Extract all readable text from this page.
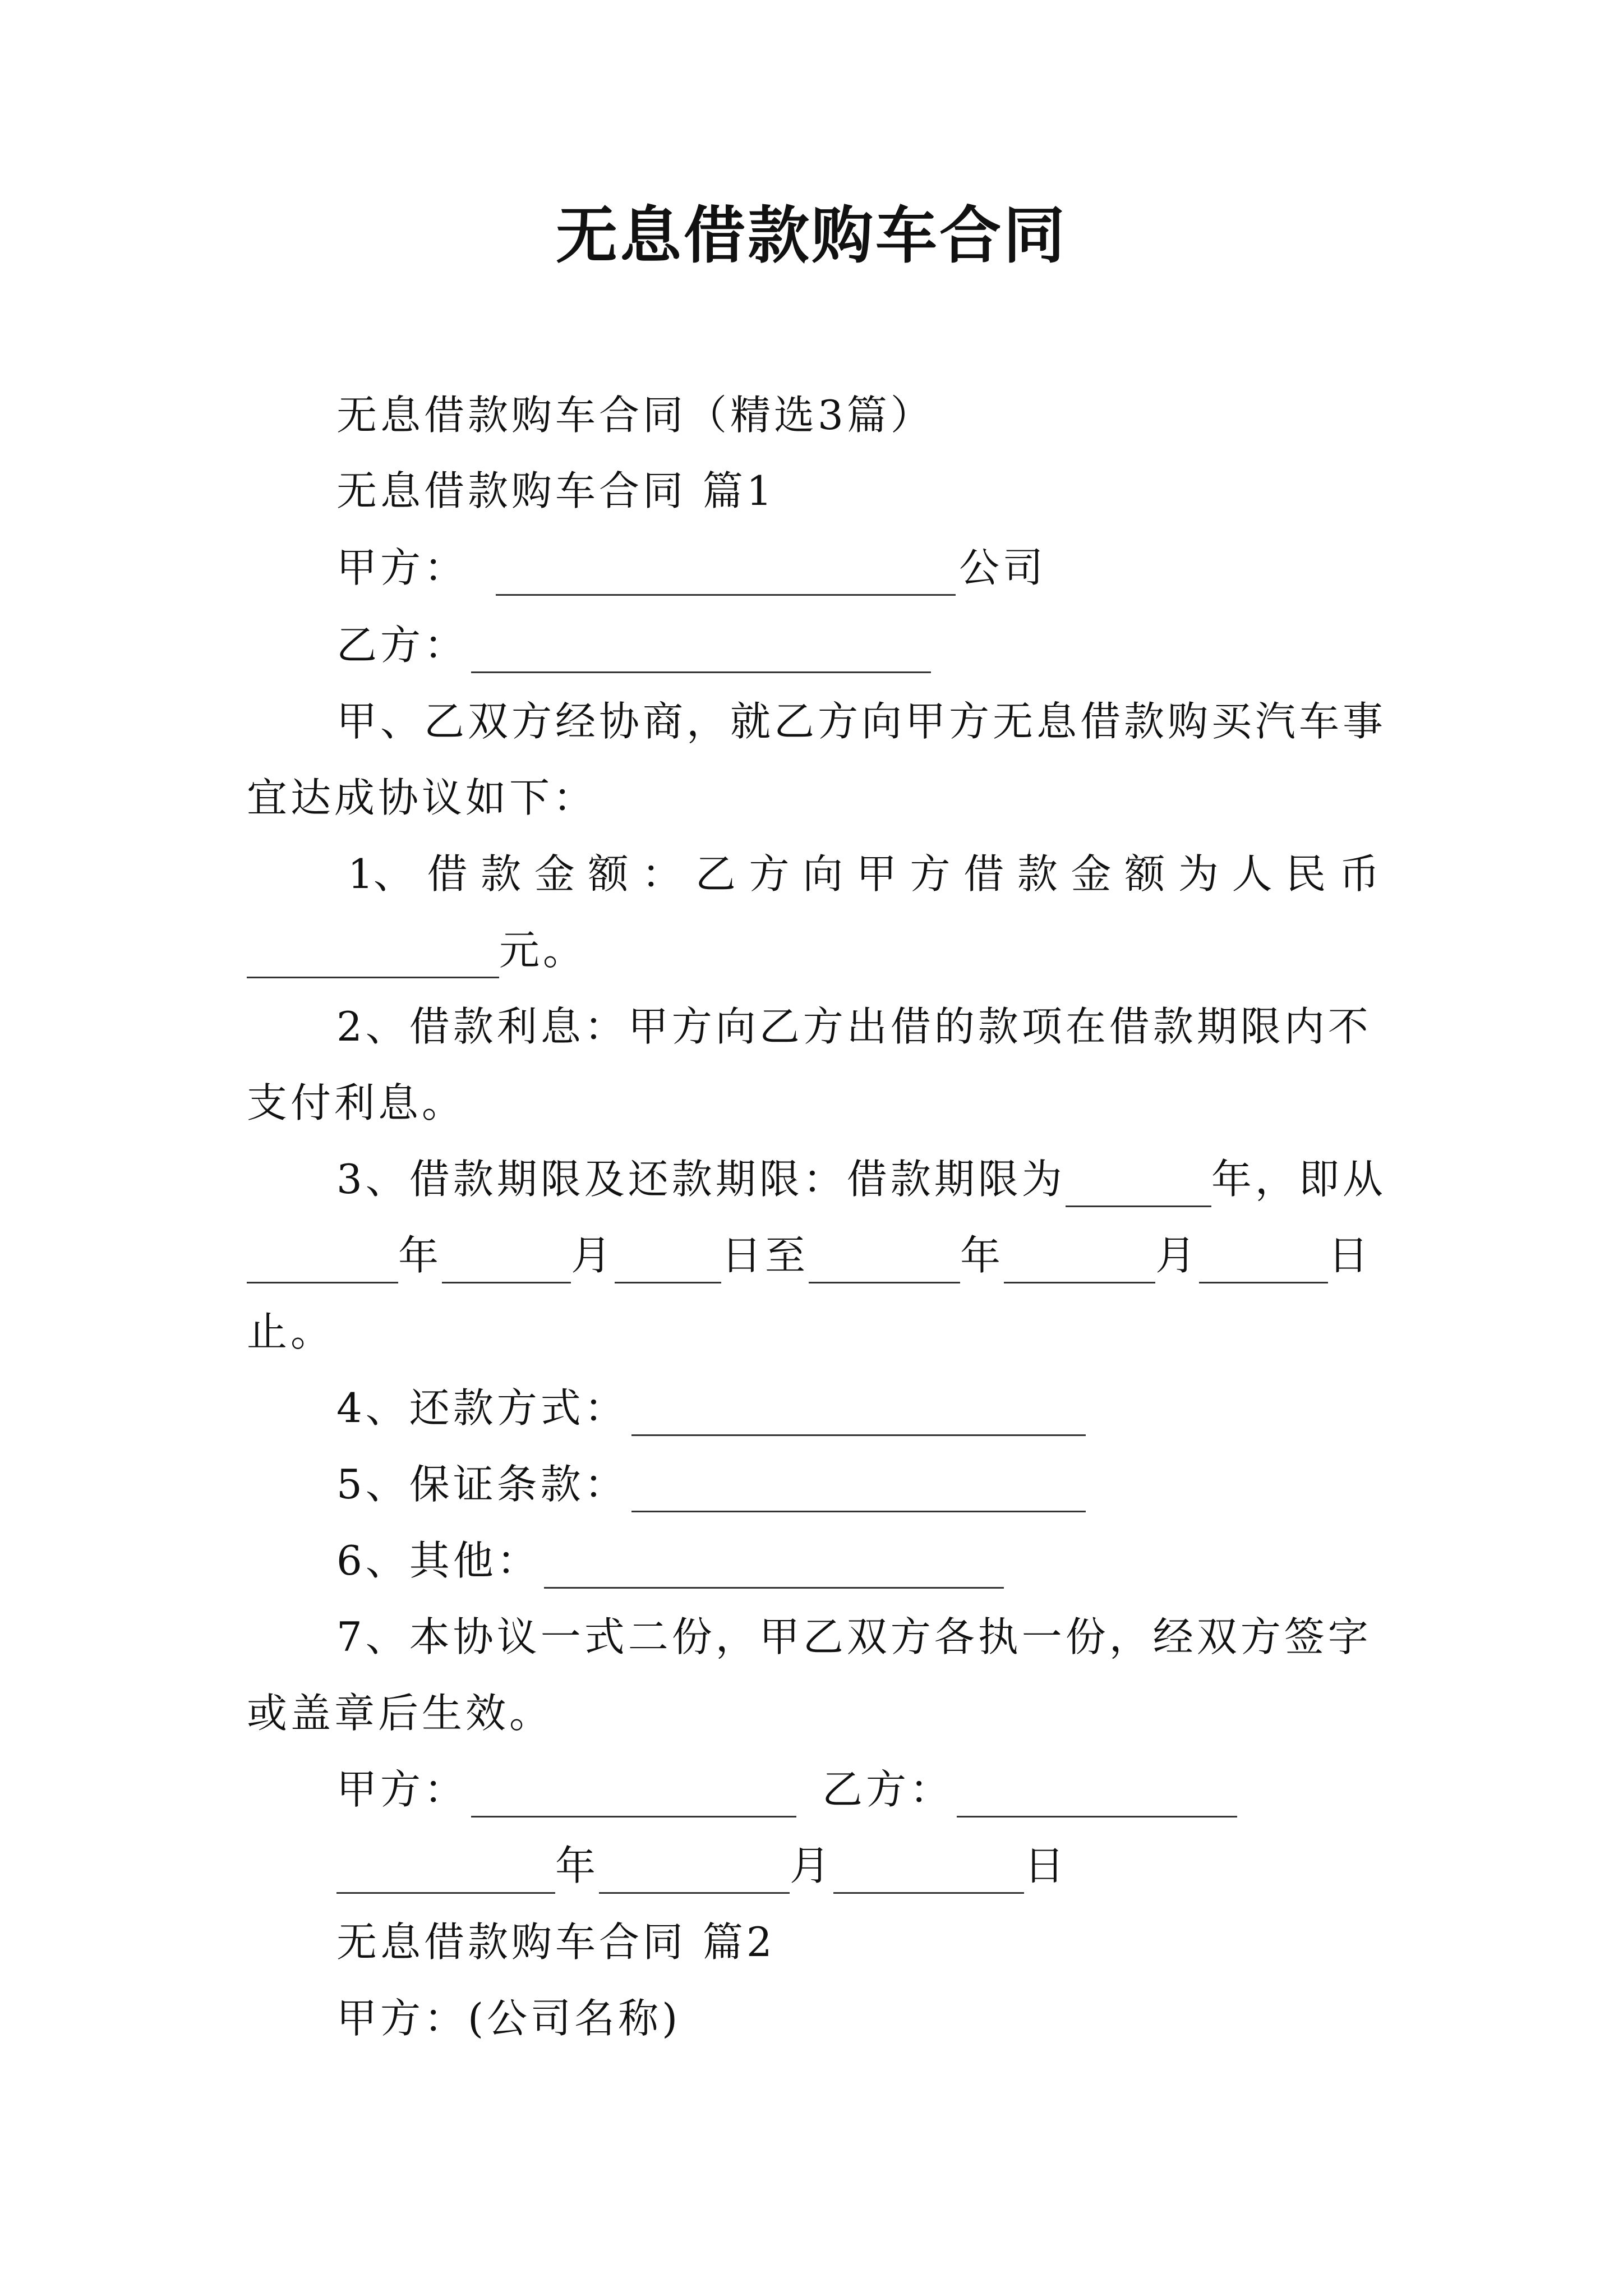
无息借款购车合同
无息借款购车合同（精选3篇）
无息借款购车合同 篇1
甲方：	公司
乙方：
甲、乙双方经协商，就乙方向甲方无息借款购买汽车事
宜达成协议如下：
1、 借 款 金 额 ： 乙 方 向 甲 方 借 款 金 额 为 人 民 币
元。
2、借款利息：甲方向乙方出借的款项在借款期限内不
支付利息。
3、借款期限及还款期限：借款期限为	年，即从
年	月	日至	年	月	日
止。
4、还款方式：
5、保证条款：
6、其他：
7、本协议一式二份，甲乙双方各执一份，经双方签字
或盖章后生效。
甲方：	乙方：
年	月	日
无息借款购车合同 篇2
甲方：(公司名称)
